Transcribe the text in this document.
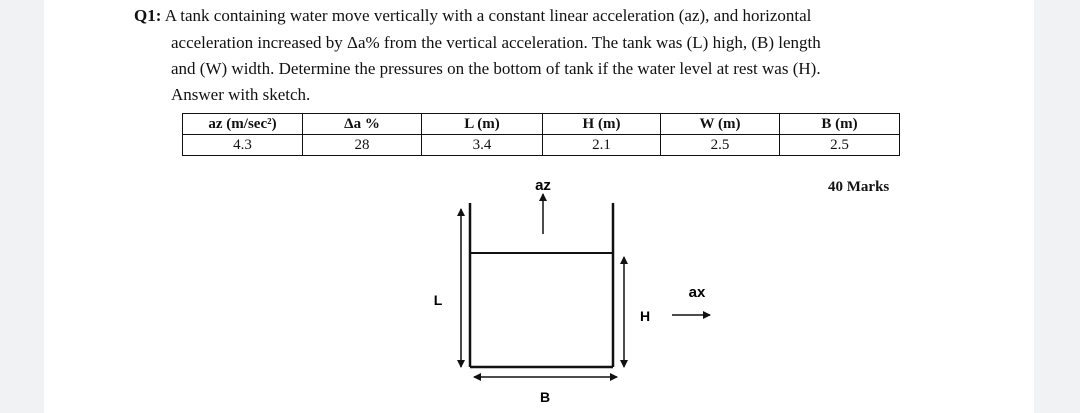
Q1: A tank containing water move vertically with a constant linear acceleration (az), and horizontal
acceleration increased by Δa% from the vertical acceleration. The tank was (L) high, (B) length
and (W) width. Determine the pressures on the bottom of tank if the water level at rest was (H).
Answer with sketch.
az (m/sec²)	Δa %	L (m)	H (m)	W (m)	B (m)
4.3	28	3.4	2.1	2.5	2.5
40 Marks
az
ax
L
H
B
